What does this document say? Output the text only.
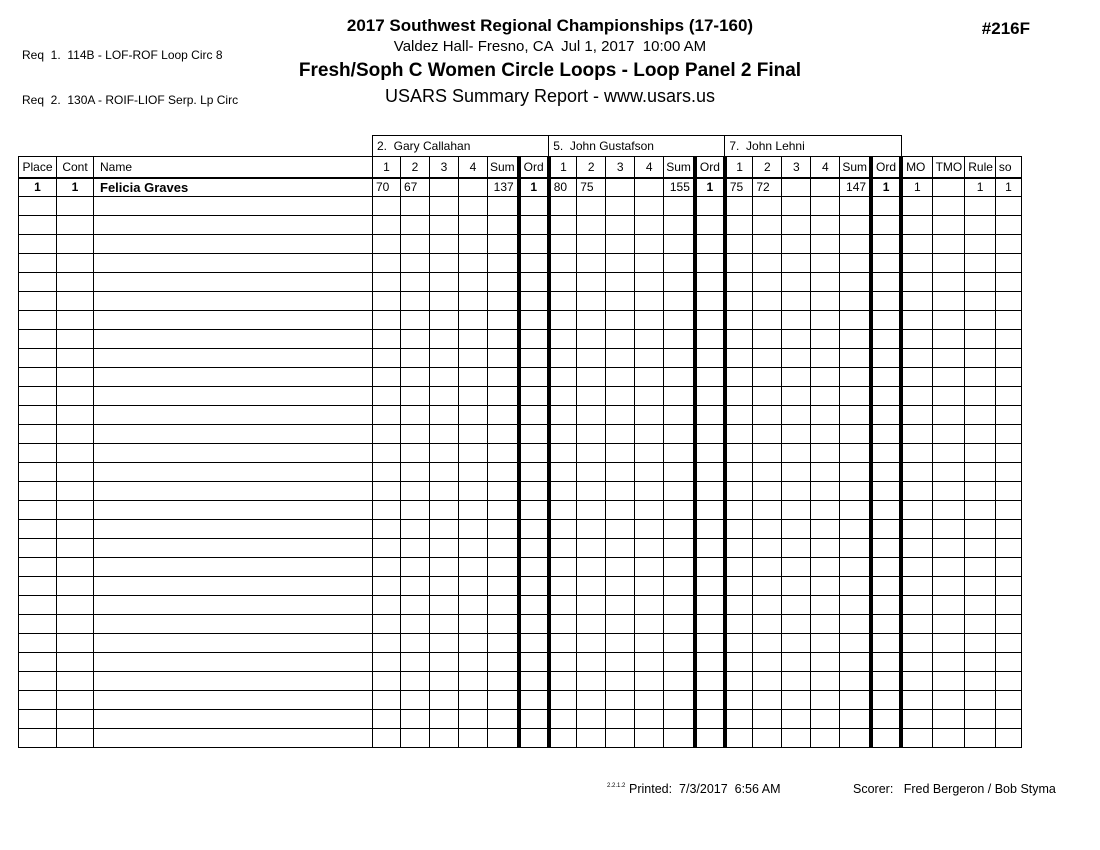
Req  1.  114B - LOF-ROF Loop Circ 8

Req  2.  130A - ROIF-LIOF Serp. Lp Circ

#216F
2017 Southwest Regional Championships (17-160)
Valdez Hall- Fresno, CA  Jul 1, 2017  10:00 AM
Fresh/Soph C Women Circle Loops - Loop Panel 2 Final
USARS Summary Report - www.usars.us
			2.  Gary Callahan						5.  John Gustafson						7.  John Lehni									
Place	Cont	Name	1	2	3	4	Sum	Ord	1	2	3	4	Sum	Ord	1	2	3	4	Sum	Ord	MO	TMO	Rule	so
1	1	Felicia Graves	70	67			137	1	80	75			155	1	75	72			147	1	1		1	1

2.2.1.2 Printed:  7/3/2017  6:56 AM	Scorer:   Fred Bergeron / Bob Styma
